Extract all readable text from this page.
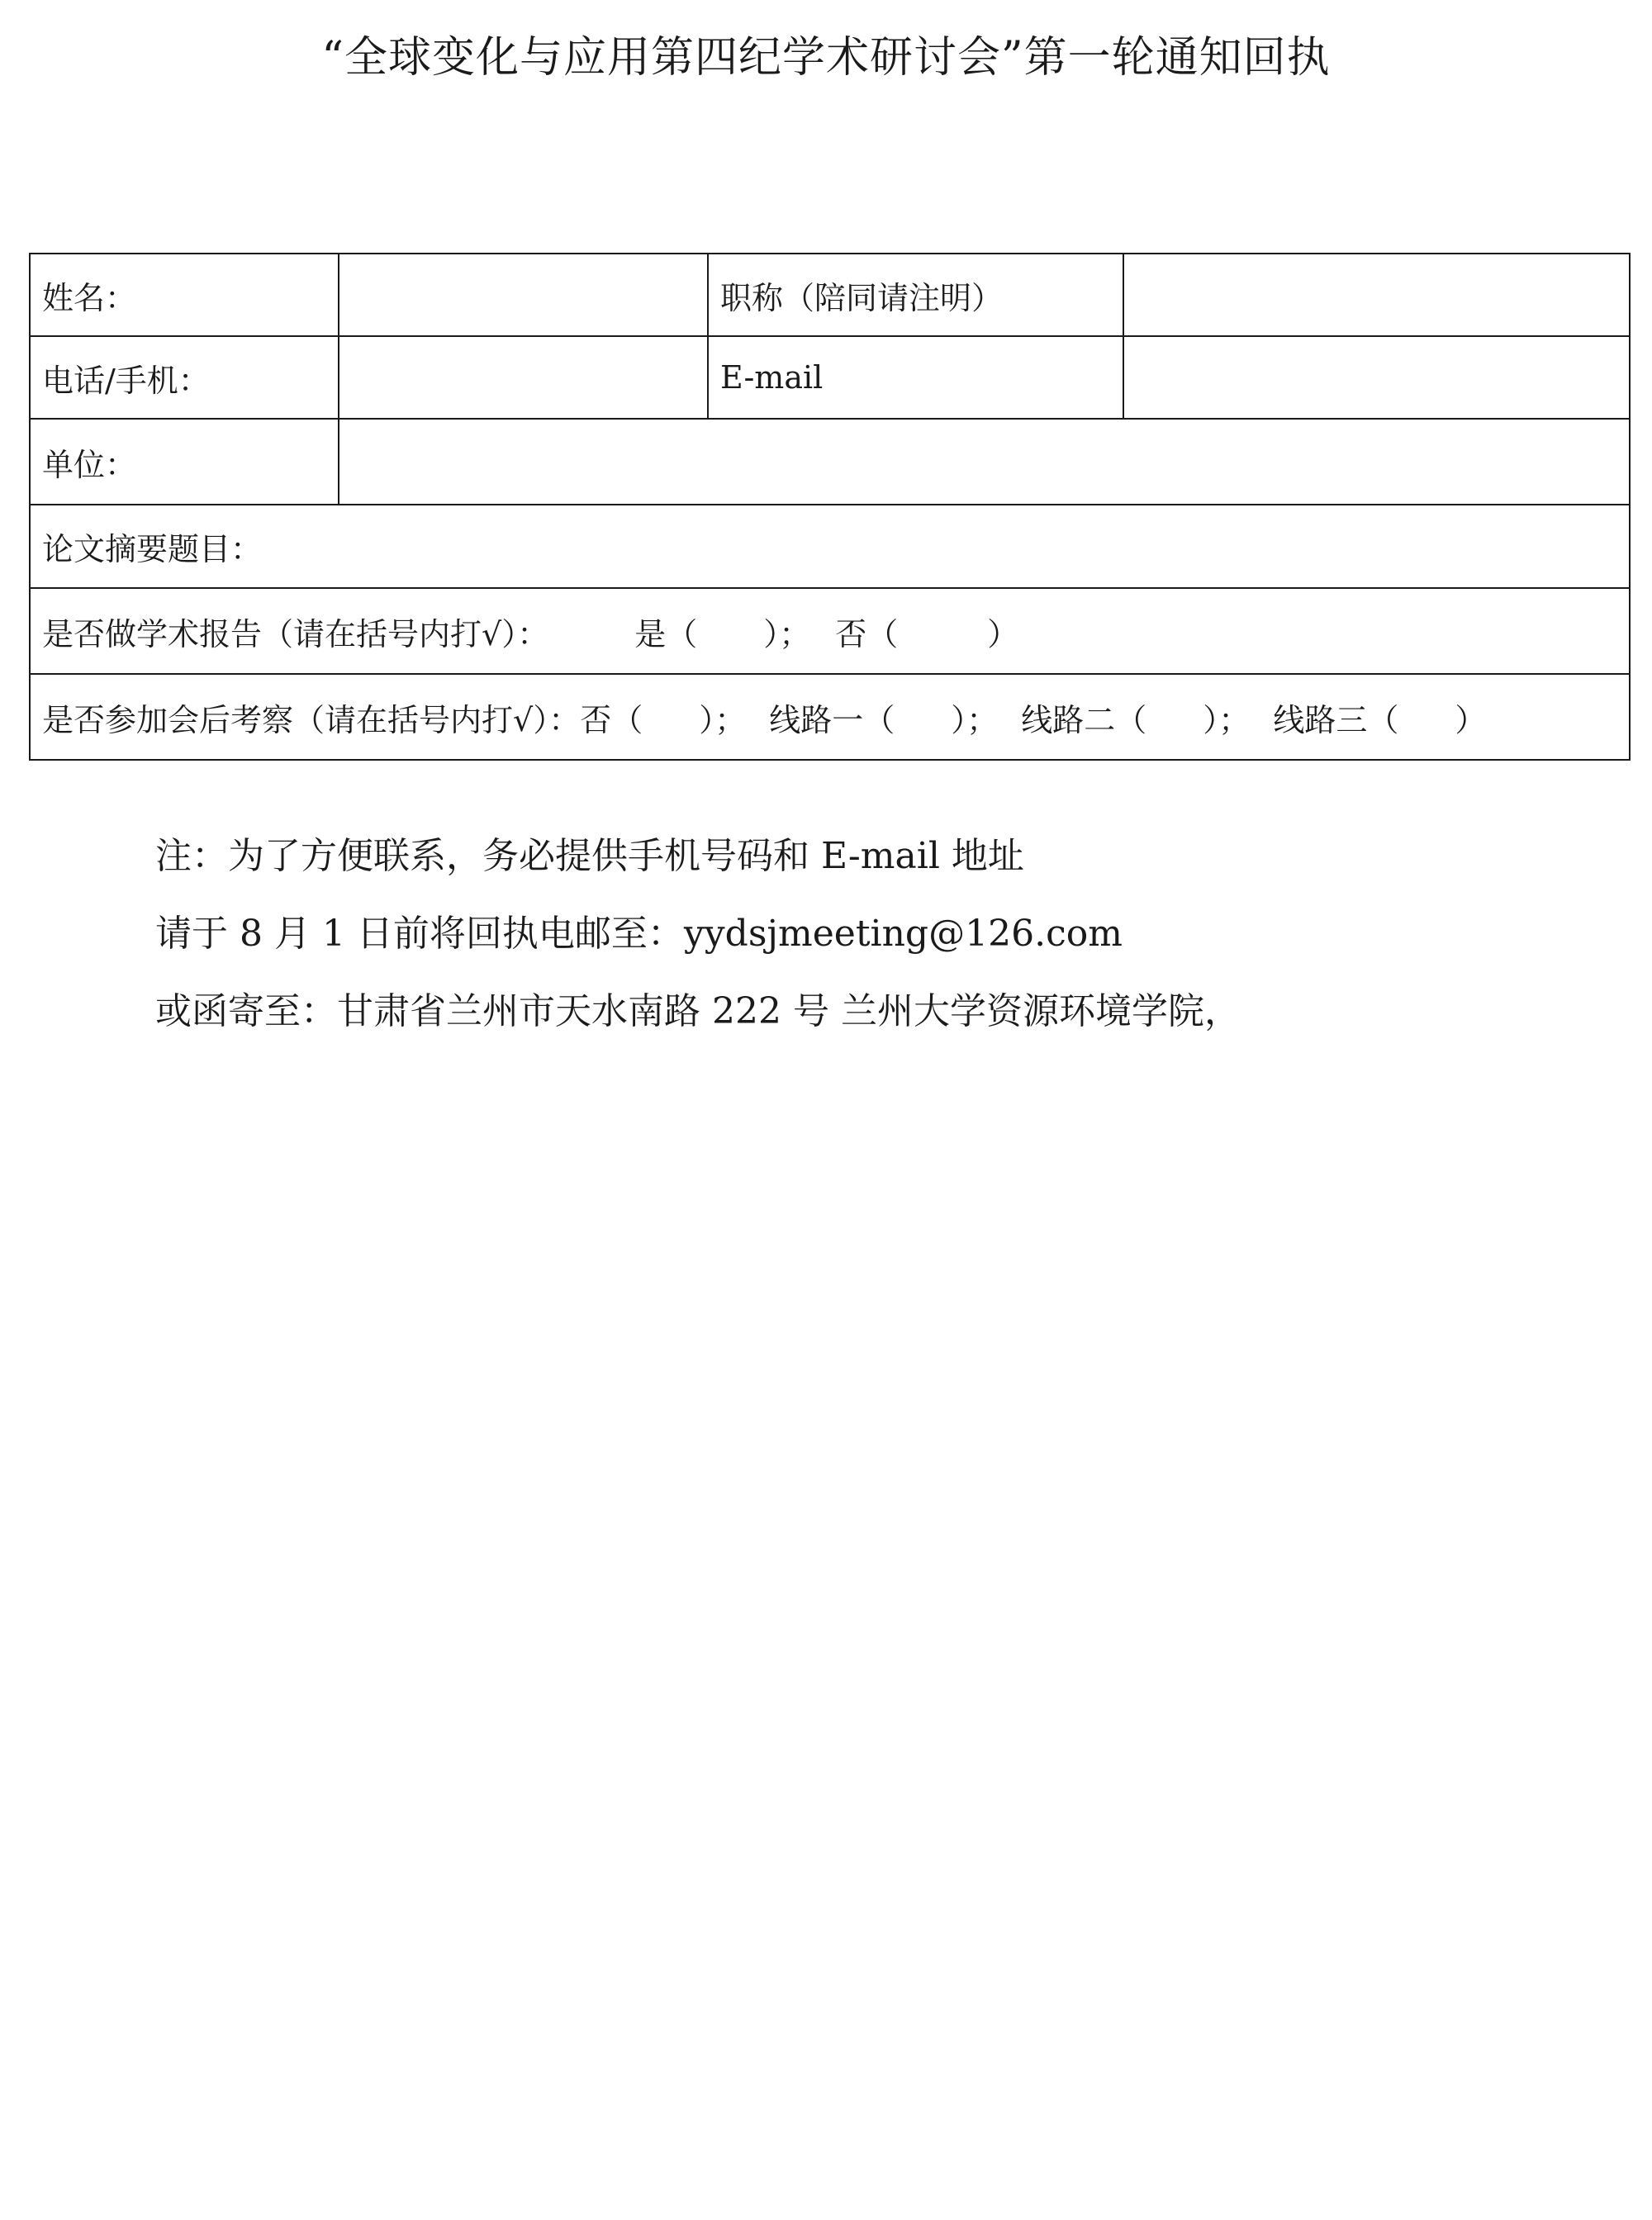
“全球变化与应用第四纪学术研讨会”第一轮通知回执
姓名：		职称（陪同请注明）	
电话/手机：		E-mail	
单位：			
论文摘要题目：			
是否做学术报告（请在括号内打√）： 是（ ）； 否（ ）			
是否参加会后考察（请在括号内打√）：否（ ）； 线路一（ ）； 线路二（ ）； 线路三（ ）			

注：为了方便联系，务必提供手机号码和 E-mail 地址

请于 8 月 1 日前将回执电邮至：yydsjmeeting@126.com

或函寄至：甘肃省兰州市天水南路 222 号 兰州大学资源环境学院，
